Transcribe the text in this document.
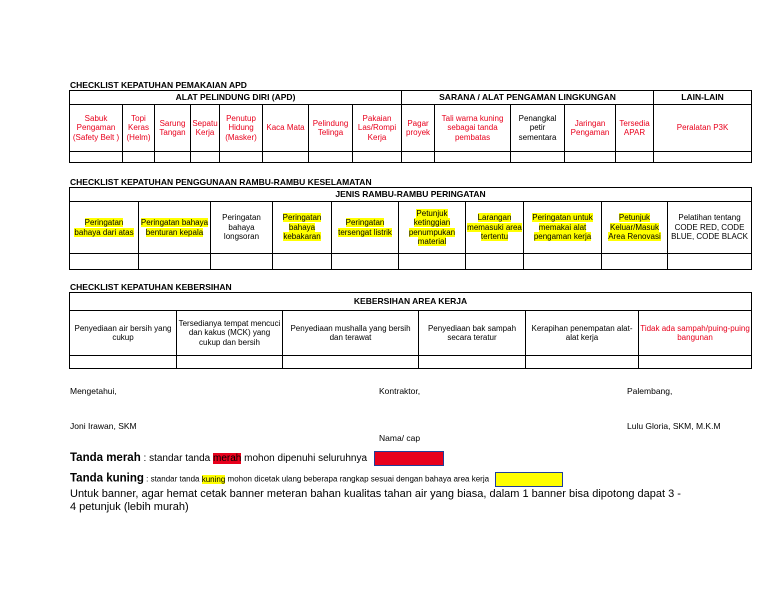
CHECKLIST KEPATUHAN PEMAKAIAN APD
ALAT PELINDUNG DIRI (APD)								SARANA / ALAT PENGAMAN LINGKUNGAN					LAIN-LAIN
Sabuk Pengaman (Safety Belt )	Topi Keras (Helm)	Sarung Tangan	Sepatu Kerja	Penutup Hidung (Masker)	Kaca Mata	Pelindung Telinga	Pakaian Las/Rompi Kerja	Pagar proyek	Tali warna kuning sebagai tanda pembatas	Penangkal petir sementara	Jaringan Pengaman	Tersedia APAR	Peralatan P3K

CHECKLIST KEPATUHAN PENGGUNAAN RAMBU-RAMBU KESELAMATAN
JENIS RAMBU-RAMBU PERINGATAN									
Peringatan bahaya dari atas	Peringatan bahaya benturan kepala	Peringatan bahaya longsoran	Peringatan bahaya kebakaran	Peringatan tersengat listrik	Petunjuk ketinggian penumpukan material	Larangan memasuki area tertentu	Peringatan untuk memakai alat pengaman kerja	Petunjuk Keluar/Masuk Area Renovasi	Pelatihan tentang CODE RED, CODE BLUE, CODE BLACK

CHECKLIST KEPATUHAN KEBERSIHAN
KEBERSIHAN AREA KERJA					
Penyediaan air bersih yang cukup	Tersedianya tempat mencuci dan kakus (MCK) yang cukup dan bersih	Penyediaan mushalla yang bersih dan terawat	Penyediaan bak sampah secara teratur	Kerapihan penempatan alat-alat kerja	Tidak ada sampah/puing-puing bangunan

Mengetahui,	Kontraktor,	Palembang,
Joni Irawan, SKM	Lulu Gloria, SKM, M.K.M
Nama/ cap
Tanda merah : standar tanda merah mohon dipenuhi seluruhnya
Tanda kuning : standar tanda kuning mohon dicetak ulang beberapa rangkap sesuai dengan bahaya area kerja
Untuk banner, agar hemat cetak banner meteran bahan kualitas tahan air yang biasa, dalam 1 banner bisa dipotong dapat 3 - 4 petunjuk (lebih murah)
